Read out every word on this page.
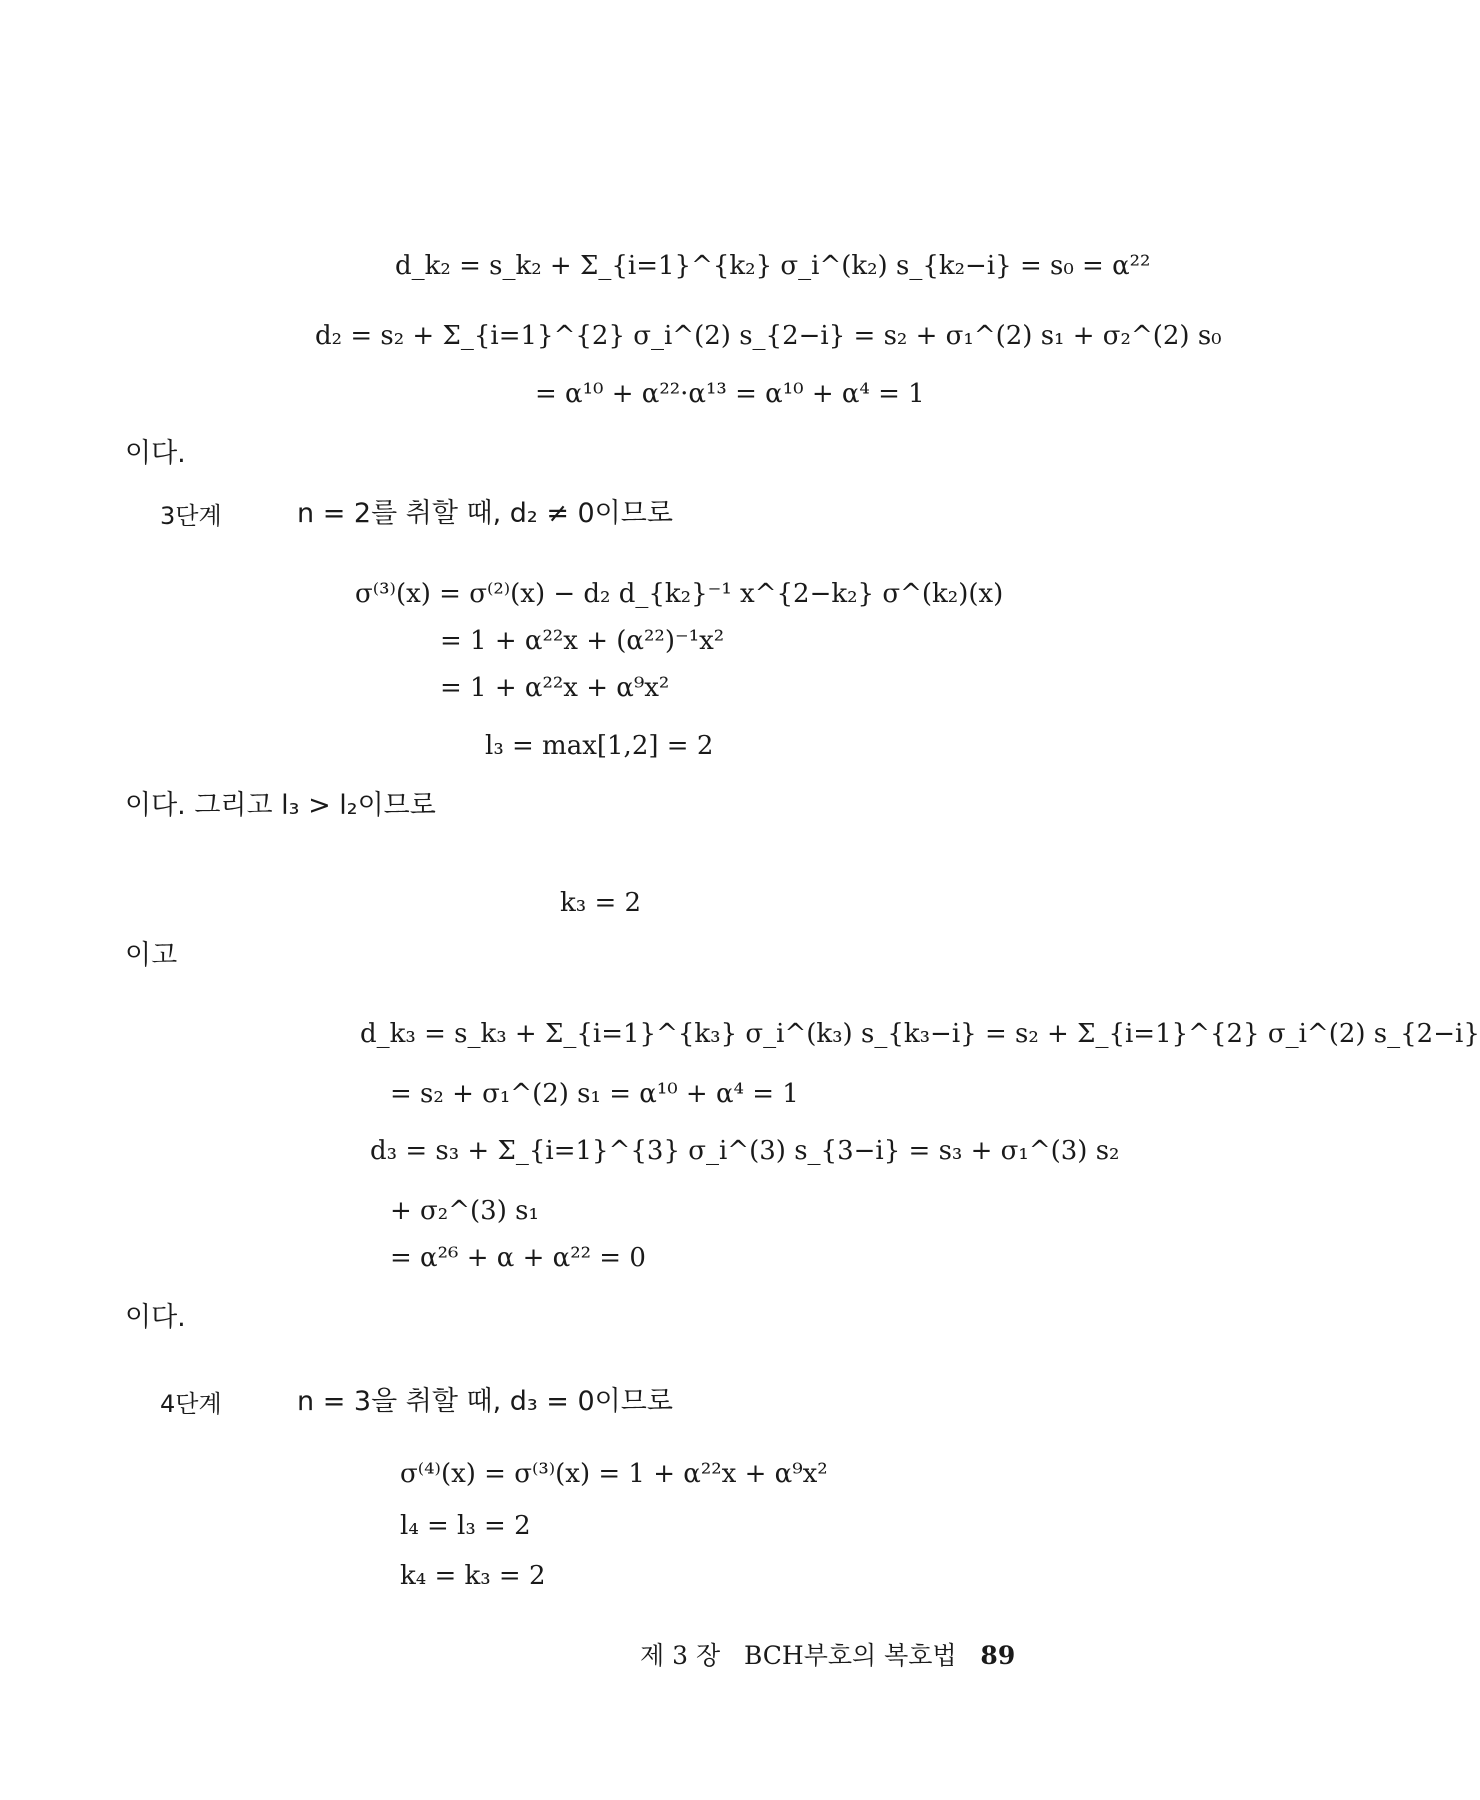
d_k₂ = s_k₂ + Σ_{i=1}^{k₂} σ_i^(k₂) s_{k₂−i} = s₀ = α²²
d₂ = s₂ + Σ_{i=1}^{2} σ_i^(2) s_{2−i} = s₂ + σ₁^(2) s₁ + σ₂^(2) s₀
= α¹⁰ + α²²·α¹³ = α¹⁰ + α⁴ = 1
이다.
3단계	n = 2를 취할 때, d₂ ≠ 0이므로
σ⁽³⁾(x) = σ⁽²⁾(x) − d₂ d_{k₂}⁻¹ x^{2−k₂} σ^(k₂)(x)
= 1 + α²²x + (α²²)⁻¹x²
= 1 + α²²x + α⁹x²
l₃ = max[1,2] = 2
이다. 그리고 l₃ > l₂이므로
k₃ = 2
이고
d_k₃ = s_k₃ + Σ_{i=1}^{k₃} σ_i^(k₃) s_{k₃−i} = s₂ + Σ_{i=1}^{2} σ_i^(2) s_{2−i}
= s₂ + σ₁^(2) s₁ = α¹⁰ + α⁴ = 1
d₃ = s₃ + Σ_{i=1}^{3} σ_i^(3) s_{3−i} = s₃ + σ₁^(3) s₂
+ σ₂^(3) s₁
= α²⁶ + α + α²² = 0
이다.
4단계	n = 3을 취할 때, d₃ = 0이므로
σ⁽⁴⁾(x) = σ⁽³⁾(x) = 1 + α²²x + α⁹x²
l₄ = l₃ = 2
k₄ = k₃ = 2
제 3 장 BCH부호의 복호법 89
